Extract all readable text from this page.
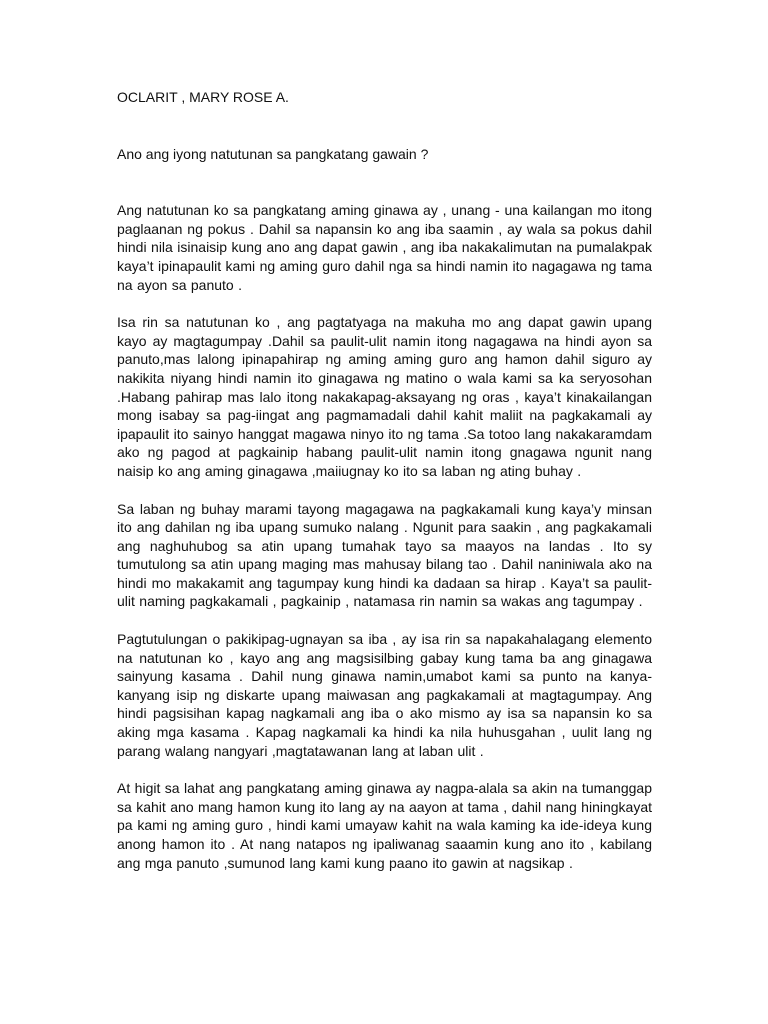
OCLARIT , MARY ROSE A.

Ano ang iyong natutunan sa pangkatang gawain ?

Ang natutunan ko sa pangkatang aming ginawa ay , unang - una kailangan mo itong paglaanan ng pokus . Dahil sa napansin ko ang iba saamin , ay wala sa pokus dahil hindi nila isinaisip kung ano ang dapat gawin , ang iba nakakalimutan na pumalakpak kaya’t ipinapaulit kami ng aming guro dahil nga sa hindi namin ito nagagawa ng tama na ayon sa panuto .

Isa rin sa natutunan ko , ang pagtatyaga na makuha mo ang dapat gawin upang kayo ay magtagumpay .Dahil sa paulit-ulit namin itong nagagawa na hindi ayon sa panuto,mas lalong ipinapahirap ng aming aming guro ang hamon dahil siguro ay nakikita niyang hindi namin ito ginagawa ng matino o wala kami sa ka seryosohan .Habang pahirap mas lalo itong nakakapag-aksayang ng oras , kaya’t kinakailangan mong isabay sa pag-iingat ang pagmamadali dahil kahit maliit na pagkakamali ay ipapaulit ito sainyo hanggat magawa ninyo ito ng tama .Sa totoo lang nakakaramdam ako ng pagod at pagkainip habang paulit-ulit namin itong gnagawa ngunit nang naisip ko ang aming ginagawa ,maiiugnay ko ito sa laban ng ating buhay .

Sa laban ng buhay marami tayong magagawa na pagkakamali kung kaya’y minsan ito ang dahilan ng iba upang sumuko nalang . Ngunit para saakin , ang pagkakamali ang naghuhubog sa atin upang tumahak tayo sa maayos na landas . Ito sy tumutulong sa atin upang maging mas mahusay bilang tao . Dahil naniniwala ako na hindi mo makakamit ang tagumpay kung hindi ka dadaan sa hirap . Kaya’t sa paulit-ulit naming pagkakamali , pagkainip , natamasa rin namin sa wakas ang tagumpay .

Pagtutulungan o pakikipag-ugnayan sa iba , ay isa rin sa napakahalagang elemento na natutunan ko , kayo ang ang magsisilbing gabay kung tama ba ang ginagawa sainyung kasama . Dahil nung ginawa namin,umabot kami sa punto na kanya-kanyang isip ng diskarte upang maiwasan ang pagkakamali at magtagumpay. Ang hindi pagsisihan kapag nagkamali ang iba o ako mismo ay isa sa napansin ko sa aking mga kasama . Kapag nagkamali ka hindi ka nila huhusgahan , uulit lang ng parang walang nangyari ,magtatawanan lang at laban ulit .

At higit sa lahat ang pangkatang aming ginawa ay nagpa-alala sa akin na tumanggap sa kahit ano mang hamon kung ito lang ay na aayon at tama , dahil nang hiningkayat pa kami ng aming guro , hindi kami umayaw kahit na wala kaming ka ide-ideya kung anong hamon ito . At nang natapos ng ipaliwanag saaamin kung ano ito , kabilang ang mga panuto ,sumunod lang kami kung paano ito gawin at nagsikap .
